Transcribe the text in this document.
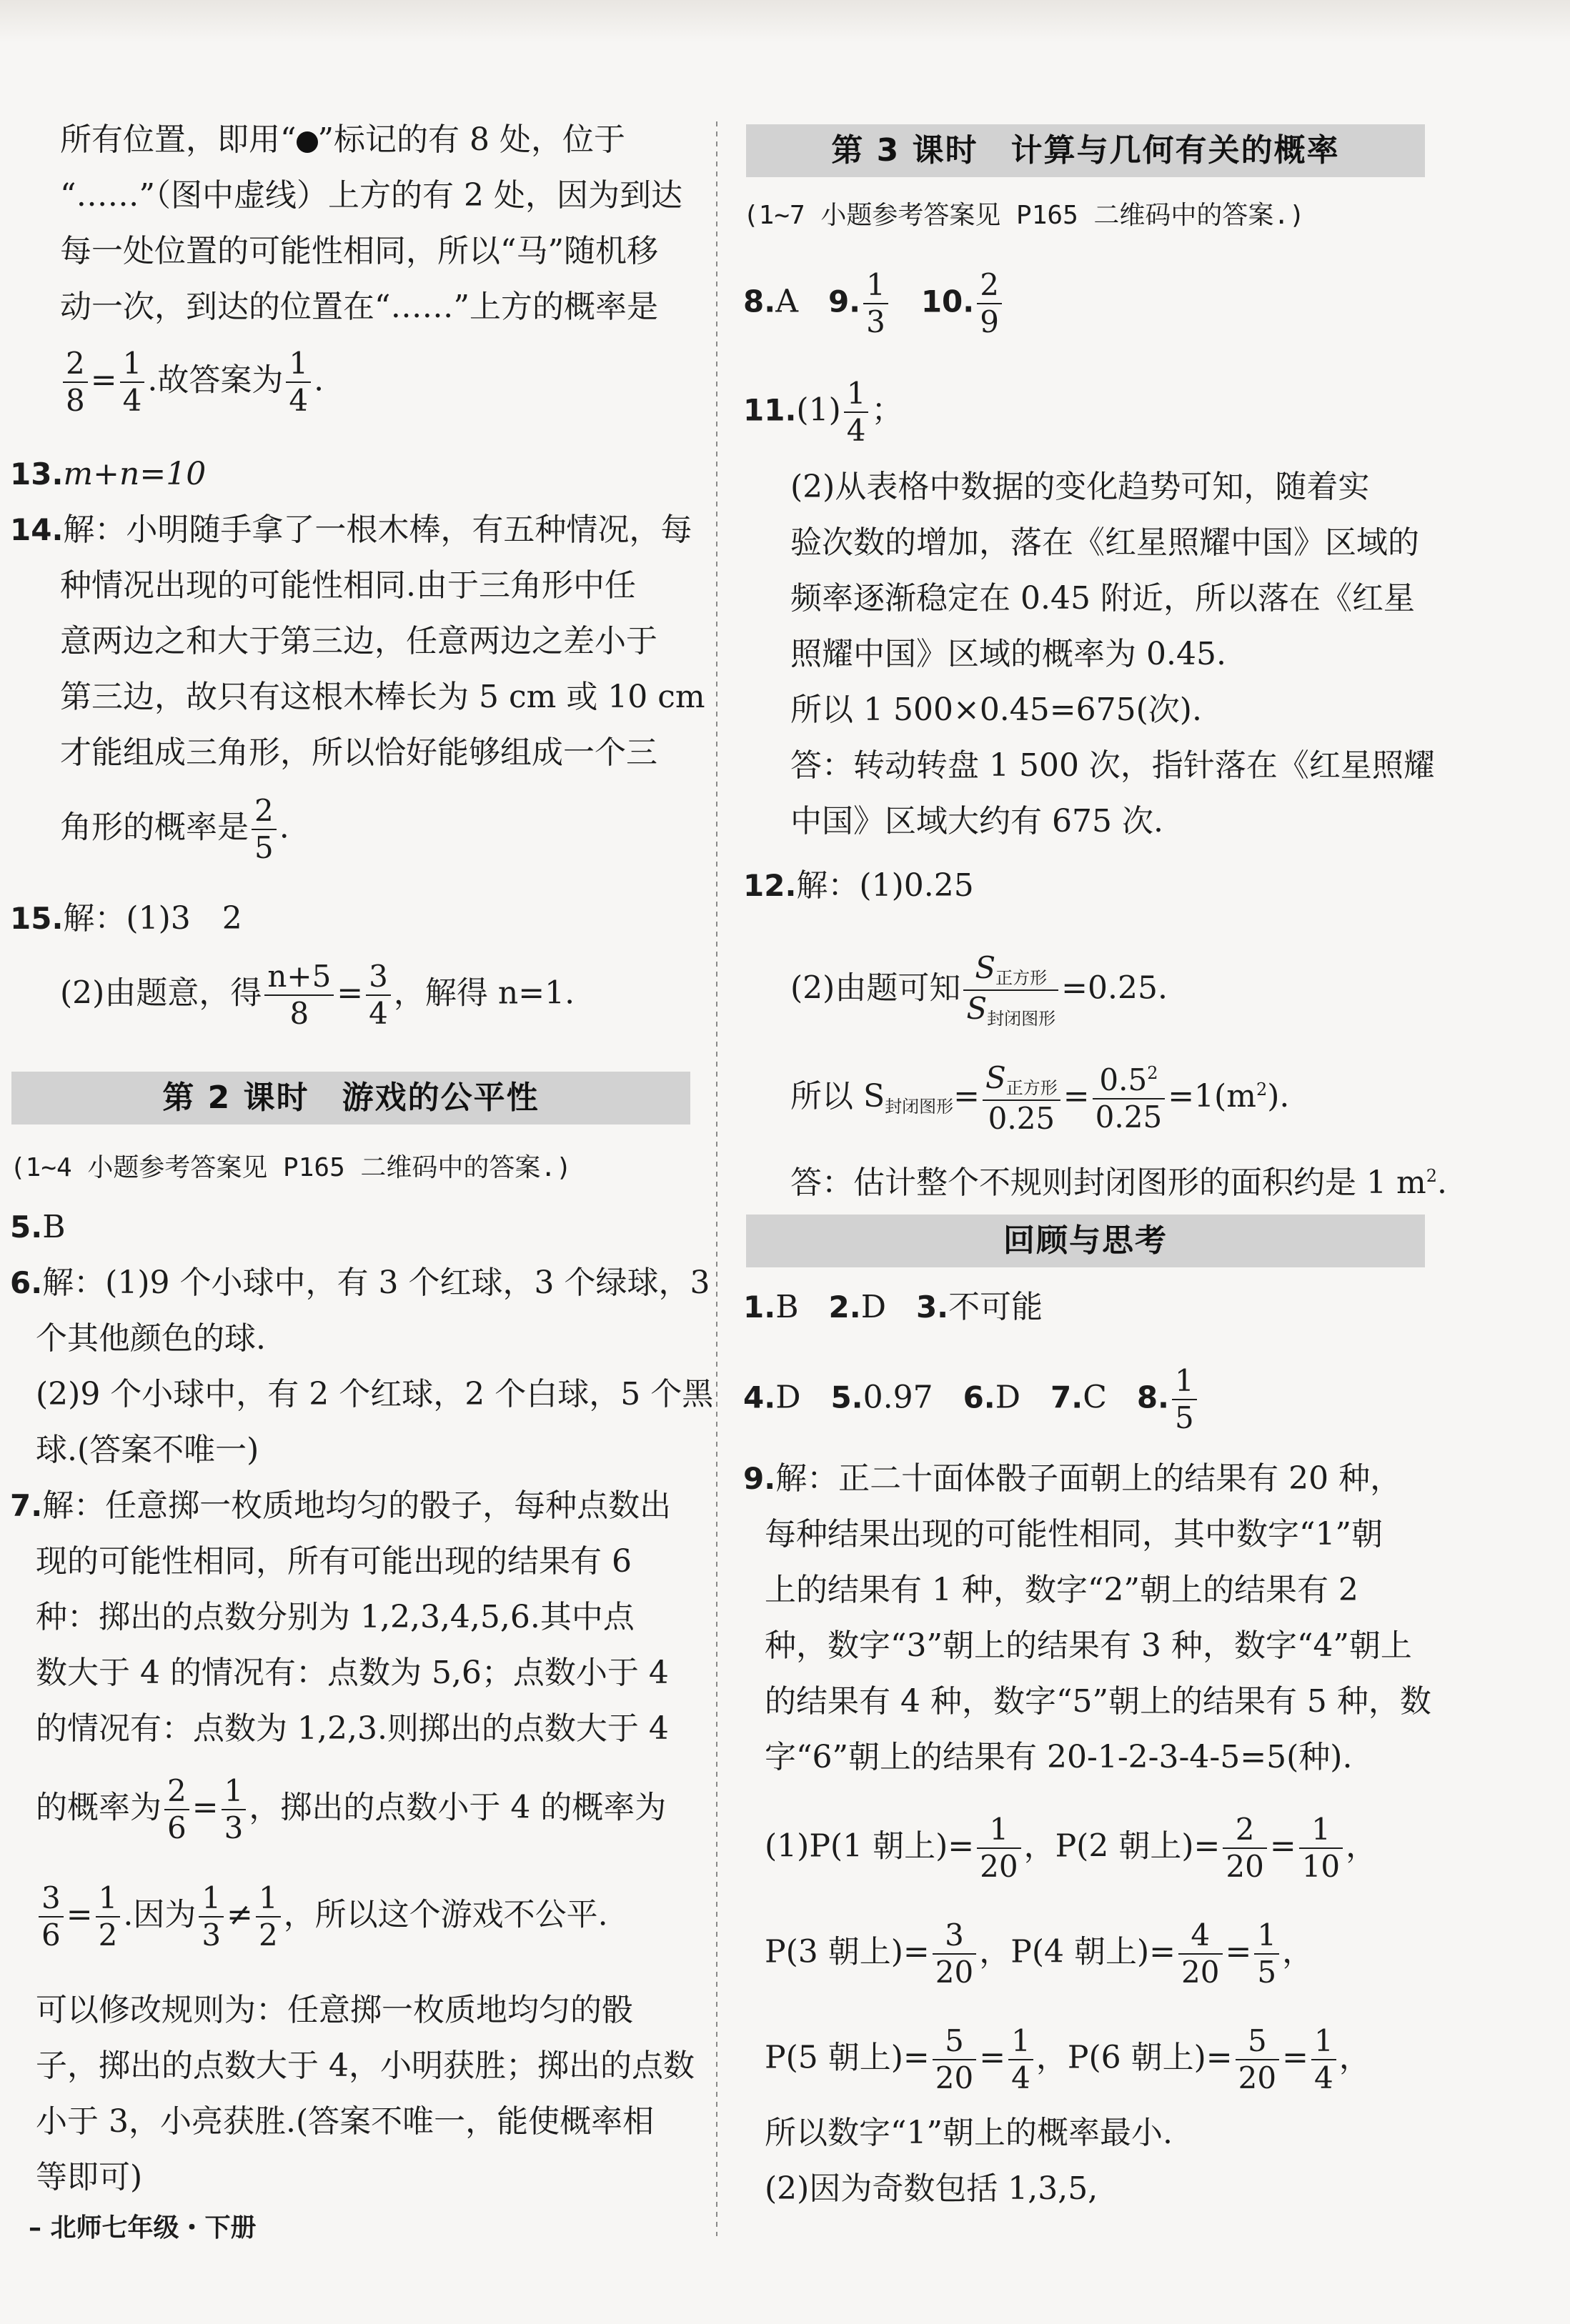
所有位置，即用“ ”标记的有 8 处，位于
“……”（图中虚线）上方的有 2 处，因为到达
每一处位置的可能性相同，所以“马”随机移
动一次，到达的位置在“……”上方的概率是
$\frac{2}{8} = \frac{1}{4}$ .故答案为 $\frac{1}{4}$ .
13.m+n=10
14.解：小明随手拿了一根木棒，有五种情况，每
种情况出现的可能性相同.由于三角形中任
意两边之和大于第三边，任意两边之差小于
第三边，故只有这根木棒长为 5 cm 或 10 cm
才能组成三角形，所以恰好能够组成一个三
角形的概率是 $\frac{2}{5}$ .
15.解：(1)3　2
(2)由题意，得 $\frac{n+5}{8} = \frac{3}{4}$ ，解得 n=1.
第 2 课时　游戏的公平性
(1~4 小题参考答案见 P165 二维码中的答案.)
5.B
6.解：(1)9 个小球中，有 3 个红球，3 个绿球，3
个其他颜色的球.
(2)9 个小球中，有 2 个红球，2 个白球，5 个黑
球.(答案不唯一)
7.解：任意掷一枚质地均匀的骰子，每种点数出
现的可能性相同，所有可能出现的结果有 6
种：掷出的点数分别为 1,2,3,4,5,6.其中点
数大于 4 的情况有：点数为 5,6；点数小于 4
的情况有：点数为 1,2,3.则掷出的点数大于 4
的概率为 $\frac{2}{6} = \frac{1}{3}$ ，掷出的点数小于 4 的概率为
$\frac{3}{6} = \frac{1}{2}$ .因为 $\frac{1}{3} \ne \frac{1}{2}$ ，所以这个游戏不公平.
可以修改规则为：任意掷一枚质地均匀的骰
子，掷出的点数大于 4，小明获胜；掷出的点数
小于 3，小亮获胜.(答案不唯一，能使概率相
等即可)
第 3 课时　计算与几何有关的概率
(1~7 小题参考答案见 P165 二维码中的答案.)
8.A 9. $\frac{1}{3} 10$. $\frac{2}{9}$
$11.(1) \frac{1}{4}$ ；
(2)从表格中数据的变化趋势可知，随着实
验次数的增加，落在《红星照耀中国》区域的
频率逐渐稳定在 0.45 附近，所以落在《红星
照耀中国》区域的概率为 0.45.
所以 1 500×0.45=675(次).
答：转动转盘 1 500 次，指针落在《红星照耀
中国》区域大约有 675 次.
12.解：(1)0.25
(2)由题可知 $\frac{S_{正方形}}{S_{封闭图形}} =0.25$.
所以 $S_{封闭图形}= \frac{S_{正方形}}{0.25} = \frac{0.5^2}{0.25} =1(m^2)$.
答：估计整个不规则封闭图形的面积约是 1 $m^2$.
回顾与思考
1.B 2.D 3.不可能
4.D 5.0.97 6.D 7.C 8. $\frac{1}{5}$
9.解：正二十面体骰子面朝上的结果有 20 种，
每种结果出现的可能性相同，其中数字“1”朝
上的结果有 1 种，数字“2”朝上的结果有 2
种，数字“3”朝上的结果有 3 种，数字“4”朝上
的结果有 4 种，数字“5”朝上的结果有 5 种，数
字“6”朝上的结果有 20-1-2-3-4-5=5(种).
(1)P(1 朝上)= $\frac{1}{20}$ ，P(2 朝上)= $\frac{2}{20} = \frac{1}{10}$ ，
P(3 朝上)= $\frac{3}{20}$ ，P(4 朝上)= $\frac{4}{20} = \frac{1}{5}$ ，
P(5 朝上)= $\frac{5}{20} = \frac{1}{4}$ ，P(6 朝上)= $\frac{5}{20} = \frac{1}{4}$ ，
所以数字“1”朝上的概率最小.
(2)因为奇数包括 1,3,5,
– 北师七年级・下册
